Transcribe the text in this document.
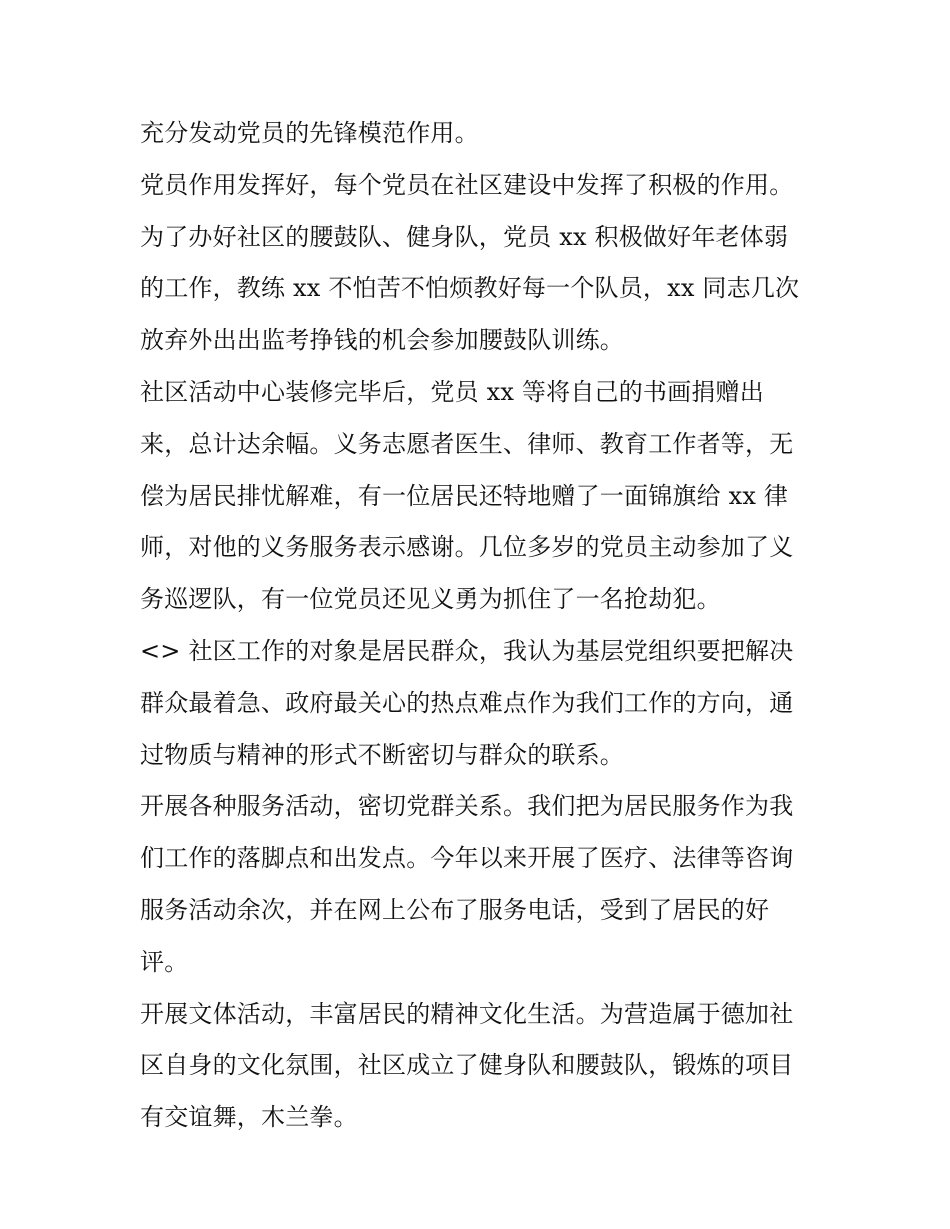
充分发动党员的先锋模范作用。
党员作用发挥好，每个党员在社区建设中发挥了积极的作用。
为了办好社区的腰鼓队、健身队，党员 xx 积极做好年老体弱
的工作，教练 xx 不怕苦不怕烦教好每一个队员，xx 同志几次
放弃外出出监考挣钱的机会参加腰鼓队训练。
社区活动中心装修完毕后，党员 xx 等将自己的书画捐赠出
来，总计达余幅。义务志愿者医生、律师、教育工作者等，无
偿为居民排忧解难，有一位居民还特地赠了一面锦旗给 xx 律
师，对他的义务服务表示感谢。几位多岁的党员主动参加了义
务巡逻队，有一位党员还见义勇为抓住了一名抢劫犯。
<> 社区工作的对象是居民群众，我认为基层党组织要把解决
群众最着急、政府最关心的热点难点作为我们工作的方向，通
过物质与精神的形式不断密切与群众的联系。
开展各种服务活动，密切党群关系。我们把为居民服务作为我
们工作的落脚点和出发点。今年以来开展了医疗、法律等咨询
服务活动余次，并在网上公布了服务电话，受到了居民的好
评。
开展文体活动，丰富居民的精神文化生活。为营造属于德加社
区自身的文化氛围，社区成立了健身队和腰鼓队，锻炼的项目
有交谊舞，木兰拳。
